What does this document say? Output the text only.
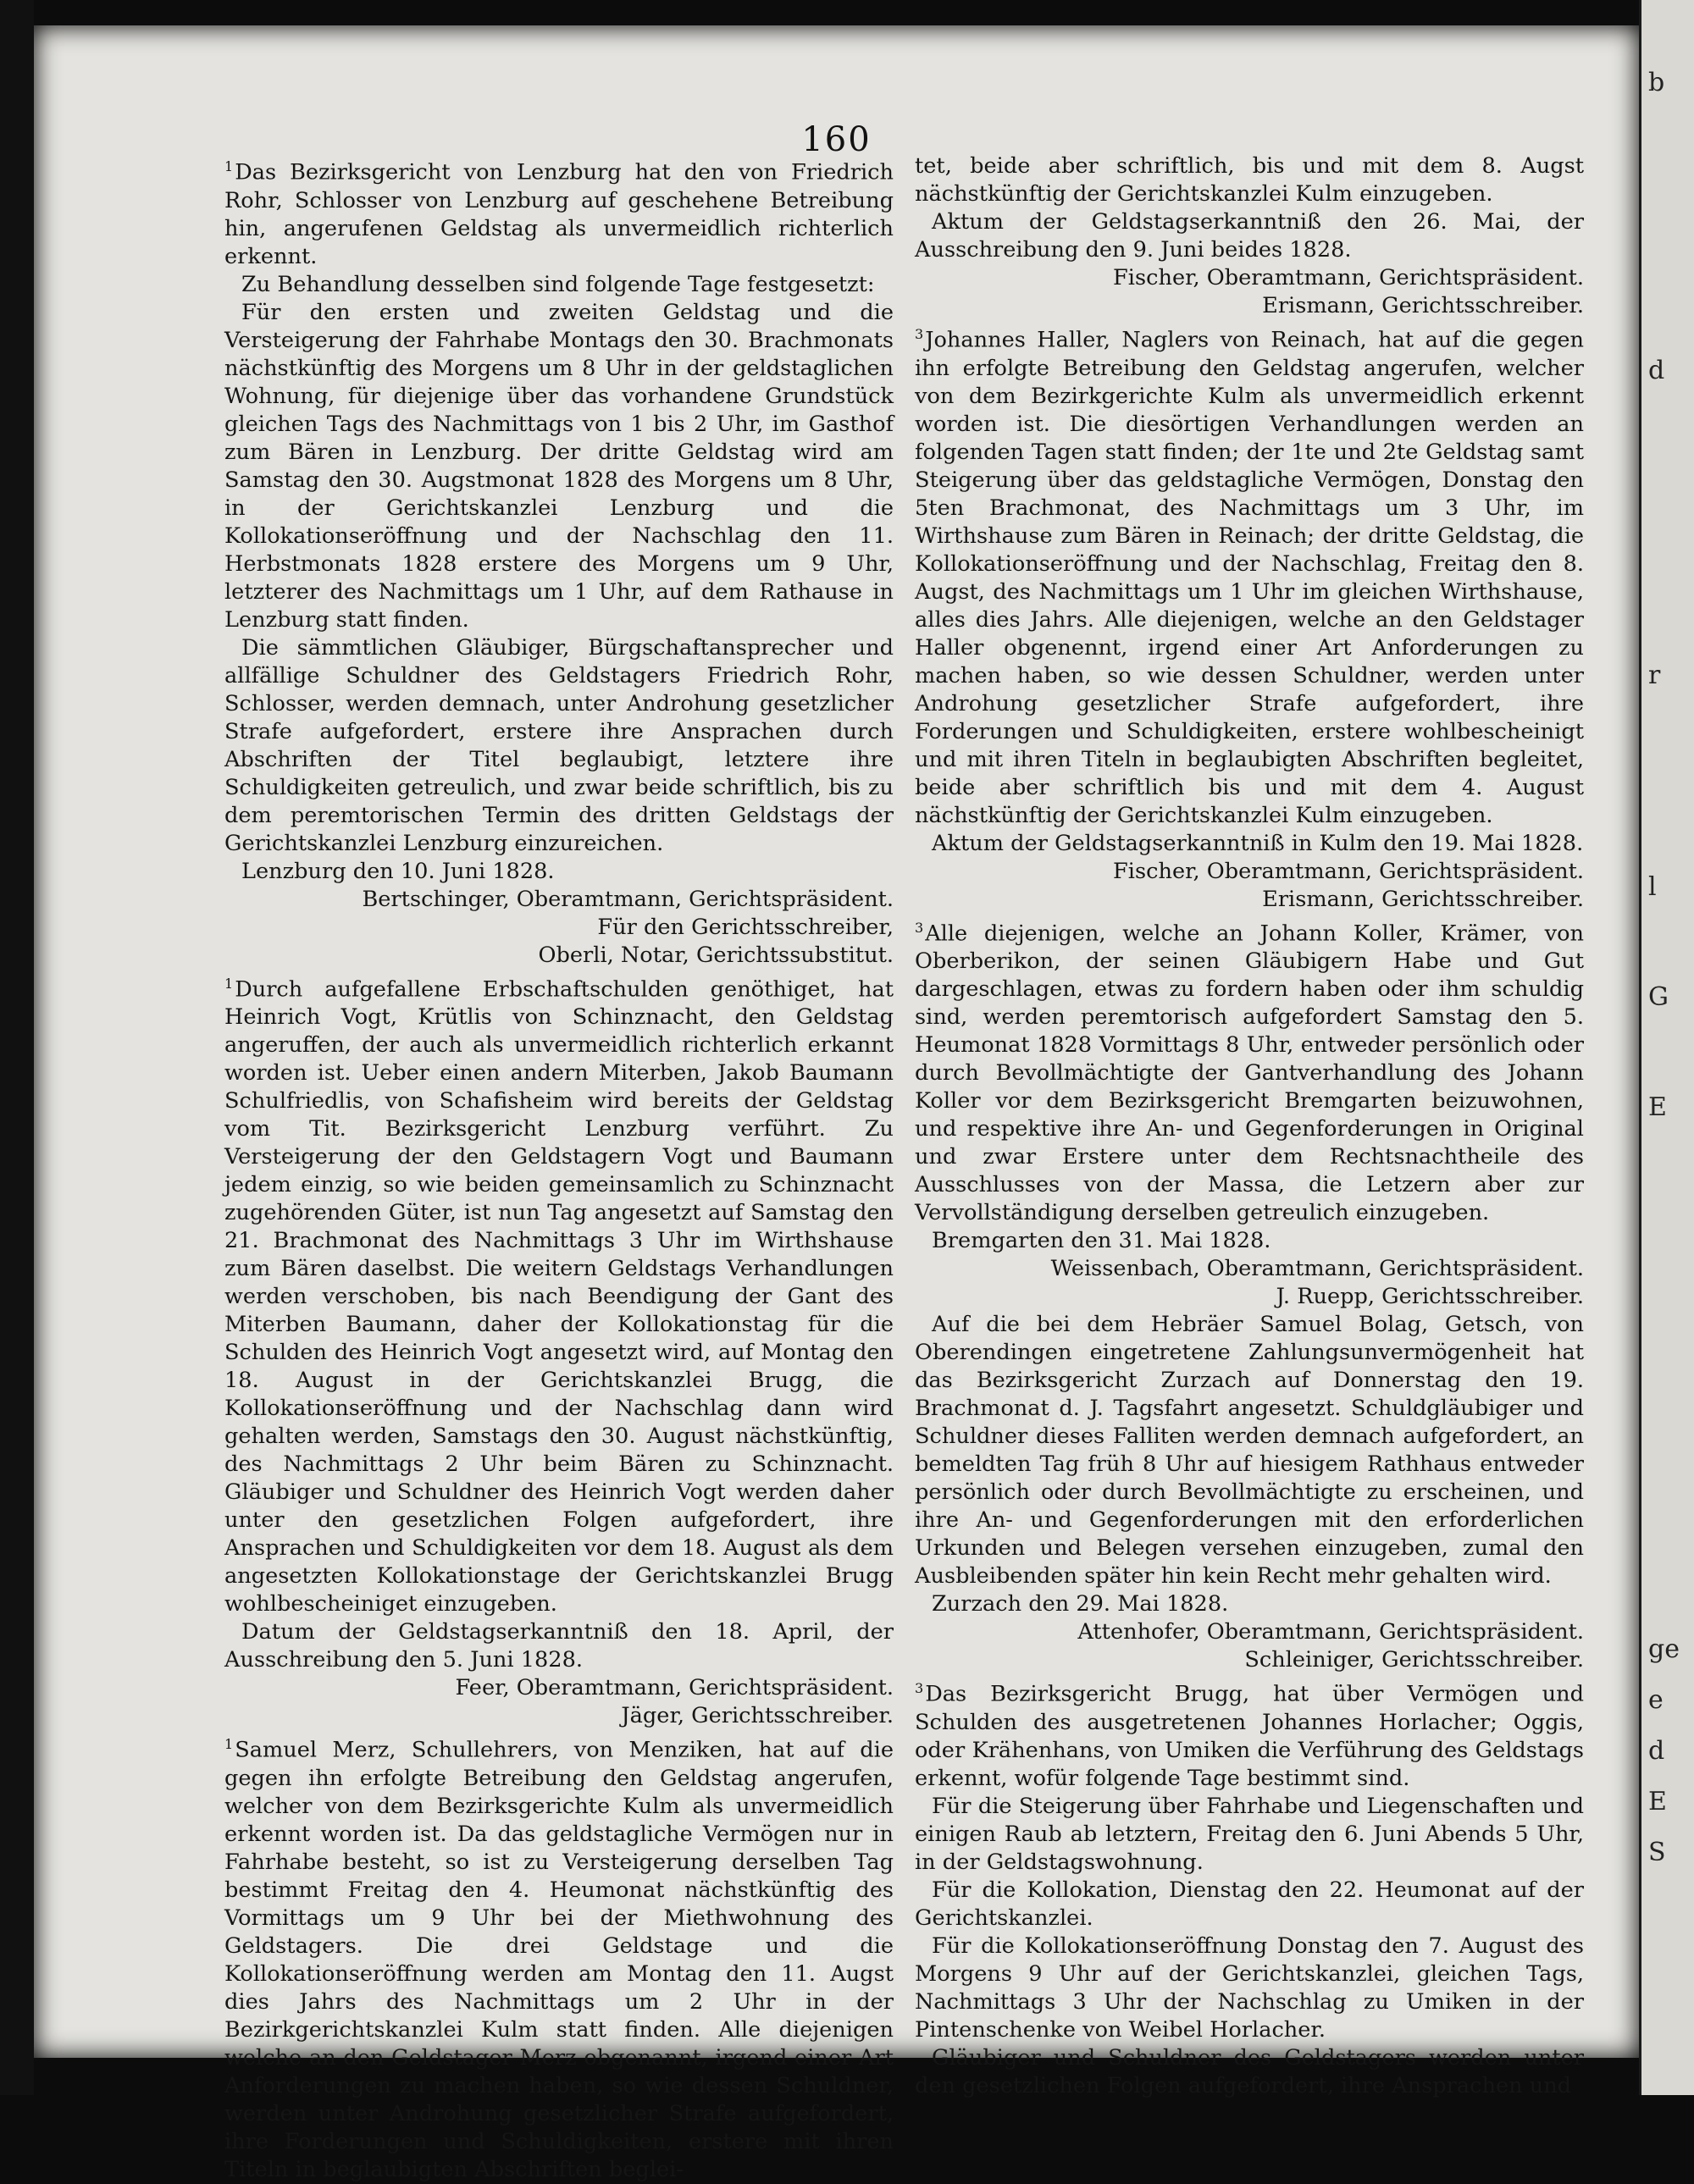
160

$^1$Das Bezirksgericht von Lenzburg hat den von Friedrich Rohr, Schlosser von Lenzburg auf geschehene Betreibung hin, angerufenen Geldstag als unvermeidlich richterlich erkennt.

Zu Behandlung desselben sind folgende Tage festgesetzt:

Für den ersten und zweiten Geldstag und die Versteigerung der Fahrhabe Montags den 30. Brachmonats nächstkünftig des Morgens um 8 Uhr in der geldstaglichen Wohnung, für diejenige über das vorhandene Grundstück gleichen Tags des Nachmittags von 1 bis 2 Uhr, im Gasthof zum Bären in Lenzburg. Der dritte Geldstag wird am Samstag den 30. Augstmonat 1828 des Morgens um 8 Uhr, in der Gerichtskanzlei Lenzburg und die Kollokationseröffnung und der Nachschlag den 11. Herbstmonats 1828 erstere des Morgens um 9 Uhr, letzterer des Nachmittags um 1 Uhr, auf dem Rathause in Lenzburg statt finden.

Die sämmtlichen Gläubiger, Bürgschaftansprecher und allfällige Schuldner des Geldstagers Friedrich Rohr, Schlosser, werden demnach, unter Androhung gesetzlicher Strafe aufgefordert, erstere ihre Ansprachen durch Abschriften der Titel beglaubigt, letztere ihre Schuldigkeiten getreulich, und zwar beide schriftlich, bis zu dem peremtorischen Termin des dritten Geldstags der Gerichtskanzlei Lenzburg einzureichen.

Lenzburg den 10. Juni 1828.

Bertschinger, Oberamtmann, Gerichtspräsident.

Für den Gerichtsschreiber,

Oberli, Notar, Gerichtssubstitut.

$^1$Durch aufgefallene Erbschaftschulden genöthiget, hat Heinrich Vogt, Krütlis von Schinznacht, den Geldstag angeruffen, der auch als unvermeidlich richterlich erkannt worden ist. Ueber einen andern Miterben, Jakob Baumann Schulfriedlis, von Schafisheim wird bereits der Geldstag vom Tit. Bezirksgericht Lenzburg verführt. Zu Versteigerung der den Geldstagern Vogt und Baumann jedem einzig, so wie beiden gemeinsamlich zu Schinznacht zugehörenden Güter, ist nun Tag angesetzt auf Samstag den 21. Brachmonat des Nachmittags 3 Uhr im Wirthshause zum Bären daselbst. Die weitern Geldstags Verhandlungen werden verschoben, bis nach Beendigung der Gant des Miterben Baumann, daher der Kollokationstag für die Schulden des Heinrich Vogt angesetzt wird, auf Montag den 18. August in der Gerichtskanzlei Brugg, die Kollokationseröffnung und der Nachschlag dann wird gehalten werden, Samstags den 30. August nächstkünftig, des Nachmittags 2 Uhr beim Bären zu Schinznacht. Gläubiger und Schuldner des Heinrich Vogt werden daher unter den gesetzlichen Folgen aufgefordert, ihre Ansprachen und Schuldigkeiten vor dem 18. August als dem angesetzten Kollokationstage der Gerichtskanzlei Brugg wohlbescheiniget einzugeben.

Datum der Geldstagserkanntniß den 18. April, der Ausschreibung den 5. Juni 1828.

Feer, Oberamtmann, Gerichtspräsident.

Jäger, Gerichtsschreiber.

$^1$Samuel Merz, Schullehrers, von Menziken, hat auf die gegen ihn erfolgte Betreibung den Geldstag angerufen, welcher von dem Bezirksgerichte Kulm als unvermeidlich erkennt worden ist. Da das geldstagliche Vermögen nur in Fahrhabe besteht, so ist zu Versteigerung derselben Tag bestimmt Freitag den 4. Heumonat nächstkünftig des Vormittags um 9 Uhr bei der Miethwohnung des Geldstagers. Die drei Geldstage und die Kollokationseröffnung werden am Montag den 11. Augst dies Jahrs des Nachmittags um 2 Uhr in der Bezirkgerichtskanzlei Kulm statt finden. Alle diejenigen welche an den Geldstager Merz obgenannt, irgend einer Art Anforderungen zu machen haben, so wie dessen Schuldner, werden unter Androhung gesetzlicher Strafe aufgefordert, ihre Forderungen und Schuldigkeiten, erstere mit ihren Titeln in beglaubigten Abschriften beglei-

tet, beide aber schriftlich, bis und mit dem 8. Augst nächstkünftig der Gerichtskanzlei Kulm einzugeben.

Aktum der Geldstagserkanntniß den 26. Mai, der Ausschreibung den 9. Juni beides 1828.

Fischer, Oberamtmann, Gerichtspräsident.

Erismann, Gerichtsschreiber.

$^3$Johannes Haller, Naglers von Reinach, hat auf die gegen ihn erfolgte Betreibung den Geldstag angerufen, welcher von dem Bezirkgerichte Kulm als unvermeidlich erkennt worden ist. Die diesörtigen Verhandlungen werden an folgenden Tagen statt finden; der 1te und 2te Geldstag samt Steigerung über das geldstagliche Vermögen, Donstag den 5ten Brachmonat, des Nachmittags um 3 Uhr, im Wirthshause zum Bären in Reinach; der dritte Geldstag, die Kollokationseröffnung und der Nachschlag, Freitag den 8. Augst, des Nachmittags um 1 Uhr im gleichen Wirthshause, alles dies Jahrs. Alle diejenigen, welche an den Geldstager Haller obgenennt, irgend einer Art Anforderungen zu machen haben, so wie dessen Schuldner, werden unter Androhung gesetzlicher Strafe aufgefordert, ihre Forderungen und Schuldigkeiten, erstere wohlbescheinigt und mit ihren Titeln in beglaubigten Abschriften begleitet, beide aber schriftlich bis und mit dem 4. August nächstkünftig der Gerichtskanzlei Kulm einzugeben.

Aktum der Geldstagserkanntniß in Kulm den 19. Mai 1828.

Fischer, Oberamtmann, Gerichtspräsident.

Erismann, Gerichtsschreiber.

$^3$Alle diejenigen, welche an Johann Koller, Krämer, von Oberberikon, der seinen Gläubigern Habe und Gut dargeschlagen, etwas zu fordern haben oder ihm schuldig sind, werden peremtorisch aufgefordert Samstag den 5. Heumonat 1828 Vormittags 8 Uhr, entweder persönlich oder durch Bevollmächtigte der Gantverhandlung des Johann Koller vor dem Bezirksgericht Bremgarten beizuwohnen, und respektive ihre An- und Gegenforderungen in Original und zwar Erstere unter dem Rechtsnachtheile des Ausschlusses von der Massa, die Letzern aber zur Vervollständigung derselben getreulich einzugeben.

Bremgarten den 31. Mai 1828.

Weissenbach, Oberamtmann, Gerichtspräsident.

J. Ruepp, Gerichtsschreiber.

Auf die bei dem Hebräer Samuel Bolag, Getsch, von Oberendingen eingetretene Zahlungsunvermögenheit hat das Bezirksgericht Zurzach auf Donnerstag den 19. Brachmonat d. J. Tagsfahrt angesetzt. Schuldgläubiger und Schuldner dieses Falliten werden demnach aufgefordert, an bemeldten Tag früh 8 Uhr auf hiesigem Rathhaus entweder persönlich oder durch Bevollmächtigte zu erscheinen, und ihre An- und Gegenforderungen mit den erforderlichen Urkunden und Belegen versehen einzugeben, zumal den Ausbleibenden später hin kein Recht mehr gehalten wird.

Zurzach den 29. Mai 1828.

Attenhofer, Oberamtmann, Gerichtspräsident.

Schleiniger, Gerichtsschreiber.

$^3$Das Bezirksgericht Brugg, hat über Vermögen und Schulden des ausgetretenen Johannes Horlacher; Oggis, oder Krähenhans, von Umiken die Verführung des Geldstags erkennt, wofür folgende Tage bestimmt sind.

Für die Steigerung über Fahrhabe und Liegenschaften und einigen Raub ab letztern, Freitag den 6. Juni Abends 5 Uhr, in der Geldstagswohnung.

Für die Kollokation, Dienstag den 22. Heumonat auf der Gerichtskanzlei.

Für die Kollokationseröffnung Donstag den 7. August des Morgens 9 Uhr auf der Gerichtskanzlei, gleichen Tags, Nachmittags 3 Uhr der Nachschlag zu Umiken in der Pintenschenke von Weibel Horlacher.

Gläubiger und Schuldner des Geldstagers werden unter den gesetzlichen Folgen aufgefordert, ihre Ansprachen und

b
d
r
l
G
E
ge
e
d
E
S
